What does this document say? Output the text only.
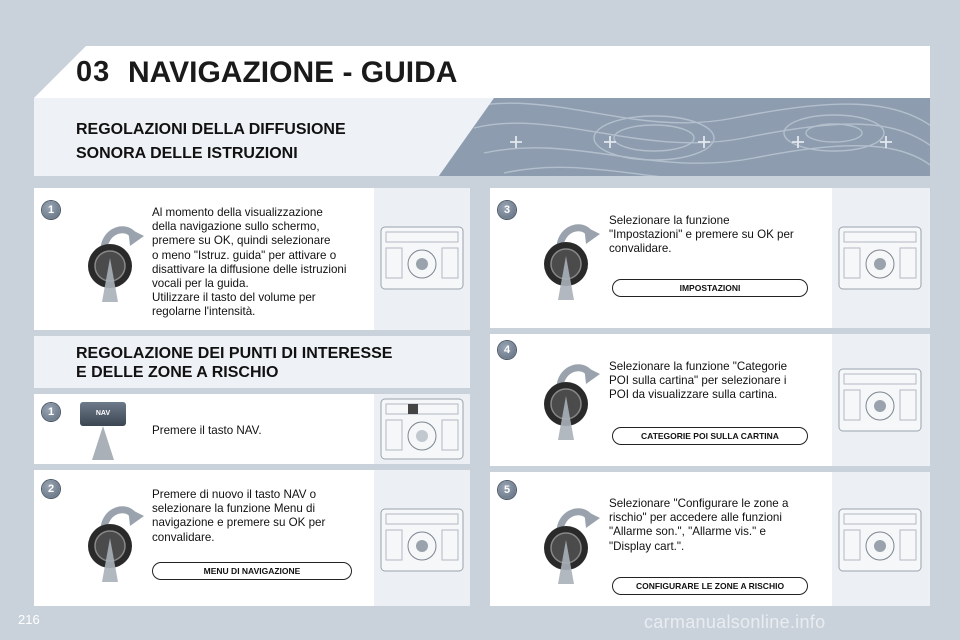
03 NAVIGAZIONE - GUIDA
REGOLAZIONI DELLA DIFFUSIONE
SONORA DELLE ISTRUZIONI
1	Al momento della visualizzazione
della navigazione sullo schermo,
premere su OK, quindi selezionare
o meno "Istruz. guida" per attivare o
disattivare la diffusione delle istruzioni
vocali per la guida.
Utilizzare il tasto del volume per
regolarne l'intensità.
REGOLAZIONE DEI PUNTI DI INTERESSE
E DELLE ZONE A RISCHIO
1	NAV
Premere il tasto NAV.
2	Premere di nuovo il tasto NAV o
selezionare la funzione Menu di
navigazione e premere su OK per
convalidare.
MENU DI NAVIGAZIONE
3
Selezionare la funzione
"Impostazioni" e premere su OK per
convalidare.
IMPOSTAZIONI
4
Selezionare la funzione "Categorie
POI sulla cartina" per selezionare i
POI da visualizzare sulla cartina.
CATEGORIE POI SULLA CARTINA
5
Selezionare "Configurare le zone a
rischio" per accedere alle funzioni
"Allarme son.", "Allarme vis." e
"Display cart.".
CONFIGURARE LE ZONE A RISCHIO
216	carmanualsonline.info
